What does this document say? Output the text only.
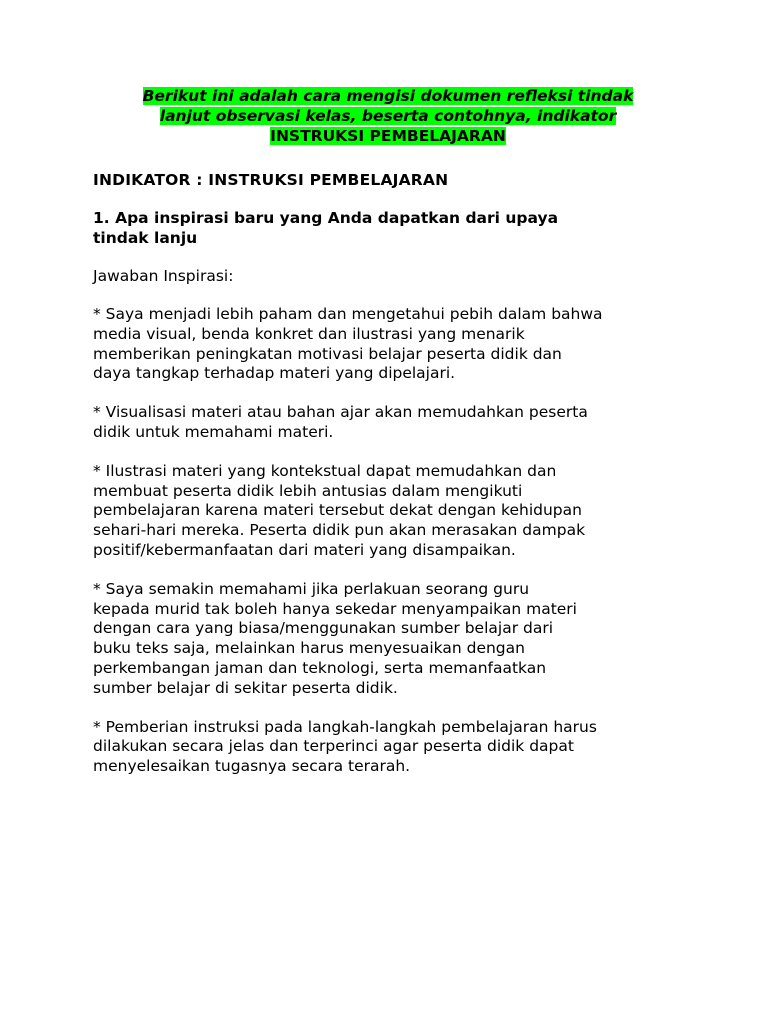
Berikut ini adalah cara mengisi dokumen refleksi tindak
lanjut observasi kelas, beserta contohnya, indikator
INSTRUKSI PEMBELAJARAN

INDIKATOR : INSTRUKSI PEMBELAJARAN

1. Apa inspirasi baru yang Anda dapatkan dari upaya
tindak lanju

Jawaban Inspirasi:

* Saya menjadi lebih paham dan mengetahui pebih dalam bahwa
media visual, benda konkret dan ilustrasi yang menarik
memberikan peningkatan motivasi belajar peserta didik dan
daya tangkap terhadap materi yang dipelajari.

* Visualisasi materi atau bahan ajar akan memudahkan peserta
didik untuk memahami materi.

* Ilustrasi materi yang kontekstual dapat memudahkan dan
membuat peserta didik lebih antusias dalam mengikuti
pembelajaran karena materi tersebut dekat dengan kehidupan
sehari-hari mereka. Peserta didik pun akan merasakan dampak
positif/kebermanfaatan dari materi yang disampaikan.

* Saya semakin memahami jika perlakuan seorang guru
kepada murid tak boleh hanya sekedar menyampaikan materi
dengan cara yang biasa/menggunakan sumber belajar dari
buku teks saja, melainkan harus menyesuaikan dengan
perkembangan jaman dan teknologi, serta memanfaatkan
sumber belajar di sekitar peserta didik.

* Pemberian instruksi pada langkah-langkah pembelajaran harus
dilakukan secara jelas dan terperinci agar peserta didik dapat
menyelesaikan tugasnya secara terarah.
